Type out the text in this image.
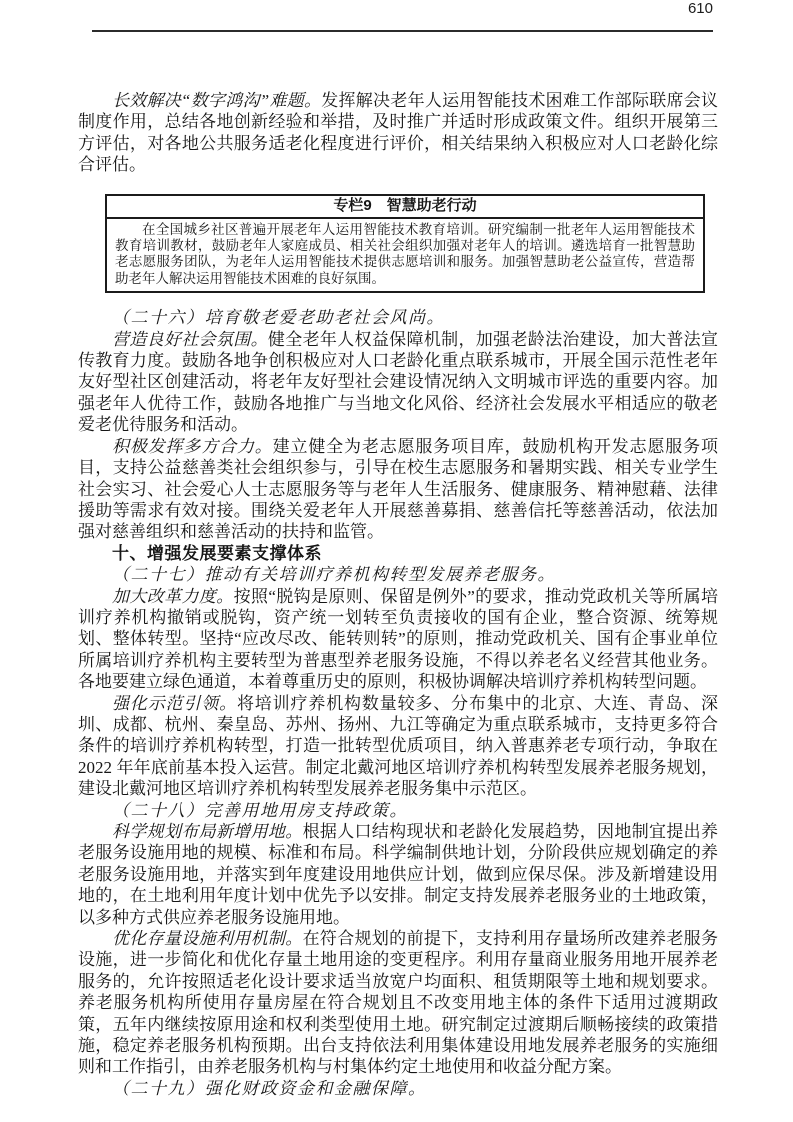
610

长效解决“数字鸿沟”难题。发挥解决老年人运用智能技术困难工作部际联席会议制度作用，总结各地创新经验和举措，及时推广并适时形成政策文件。组织开展第三方评估，对各地公共服务适老化程度进行评价，相关结果纳入积极应对人口老龄化综合评估。

专栏9　智慧助老行动

在全国城乡社区普遍开展老年人运用智能技术教育培训。研究编制一批老年人运用智能技术教育培训教材，鼓励老年人家庭成员、相关社会组织加强对老年人的培训。遴选培育一批智慧助老志愿服务团队，为老年人运用智能技术提供志愿培训和服务。加强智慧助老公益宣传，营造帮助老年人解决运用智能技术困难的良好氛围。

（二十六）培育敬老爱老助老社会风尚。

营造良好社会氛围。健全老年人权益保障机制，加强老龄法治建设，加大普法宣传教育力度。鼓励各地争创积极应对人口老龄化重点联系城市，开展全国示范性老年友好型社区创建活动，将老年友好型社会建设情况纳入文明城市评选的重要内容。加强老年人优待工作，鼓励各地推广与当地文化风俗、经济社会发展水平相适应的敬老爱老优待服务和活动。

积极发挥多方合力。建立健全为老志愿服务项目库，鼓励机构开发志愿服务项目，支持公益慈善类社会组织参与，引导在校生志愿服务和暑期实践、相关专业学生社会实习、社会爱心人士志愿服务等与老年人生活服务、健康服务、精神慰藉、法律援助等需求有效对接。围绕关爱老年人开展慈善募捐、慈善信托等慈善活动，依法加强对慈善组织和慈善活动的扶持和监管。

十、增强发展要素支撑体系

（二十七）推动有关培训疗养机构转型发展养老服务。

加大改革力度。按照“脱钩是原则、保留是例外”的要求，推动党政机关等所属培训疗养机构撤销或脱钩，资产统一划转至负责接收的国有企业，整合资源、统筹规划、整体转型。坚持“应改尽改、能转则转”的原则，推动党政机关、国有企事业单位所属培训疗养机构主要转型为普惠型养老服务设施，不得以养老名义经营其他业务。各地要建立绿色通道，本着尊重历史的原则，积极协调解决培训疗养机构转型问题。

强化示范引领。将培训疗养机构数量较多、分布集中的北京、大连、青岛、深圳、成都、杭州、秦皇岛、苏州、扬州、九江等确定为重点联系城市，支持更多符合条件的培训疗养机构转型，打造一批转型优质项目，纳入普惠养老专项行动，争取在 2022 年年底前基本投入运营。制定北戴河地区培训疗养机构转型发展养老服务规划，建设北戴河地区培训疗养机构转型发展养老服务集中示范区。

（二十八）完善用地用房支持政策。

科学规划布局新增用地。根据人口结构现状和老龄化发展趋势，因地制宜提出养老服务设施用地的规模、标准和布局。科学编制供地计划，分阶段供应规划确定的养老服务设施用地，并落实到年度建设用地供应计划，做到应保尽保。涉及新增建设用地的，在土地利用年度计划中优先予以安排。制定支持发展养老服务业的土地政策，以多种方式供应养老服务设施用地。

优化存量设施利用机制。在符合规划的前提下，支持利用存量场所改建养老服务设施，进一步简化和优化存量土地用途的变更程序。利用存量商业服务用地开展养老服务的，允许按照适老化设计要求适当放宽户均面积、租赁期限等土地和规划要求。养老服务机构所使用存量房屋在符合规划且不改变用地主体的条件下适用过渡期政策，五年内继续按原用途和权利类型使用土地。研究制定过渡期后顺畅接续的政策措施，稳定养老服务机构预期。出台支持依法利用集体建设用地发展养老服务的实施细则和工作指引，由养老服务机构与村集体约定土地使用和收益分配方案。

（二十九）强化财政资金和金融保障。
